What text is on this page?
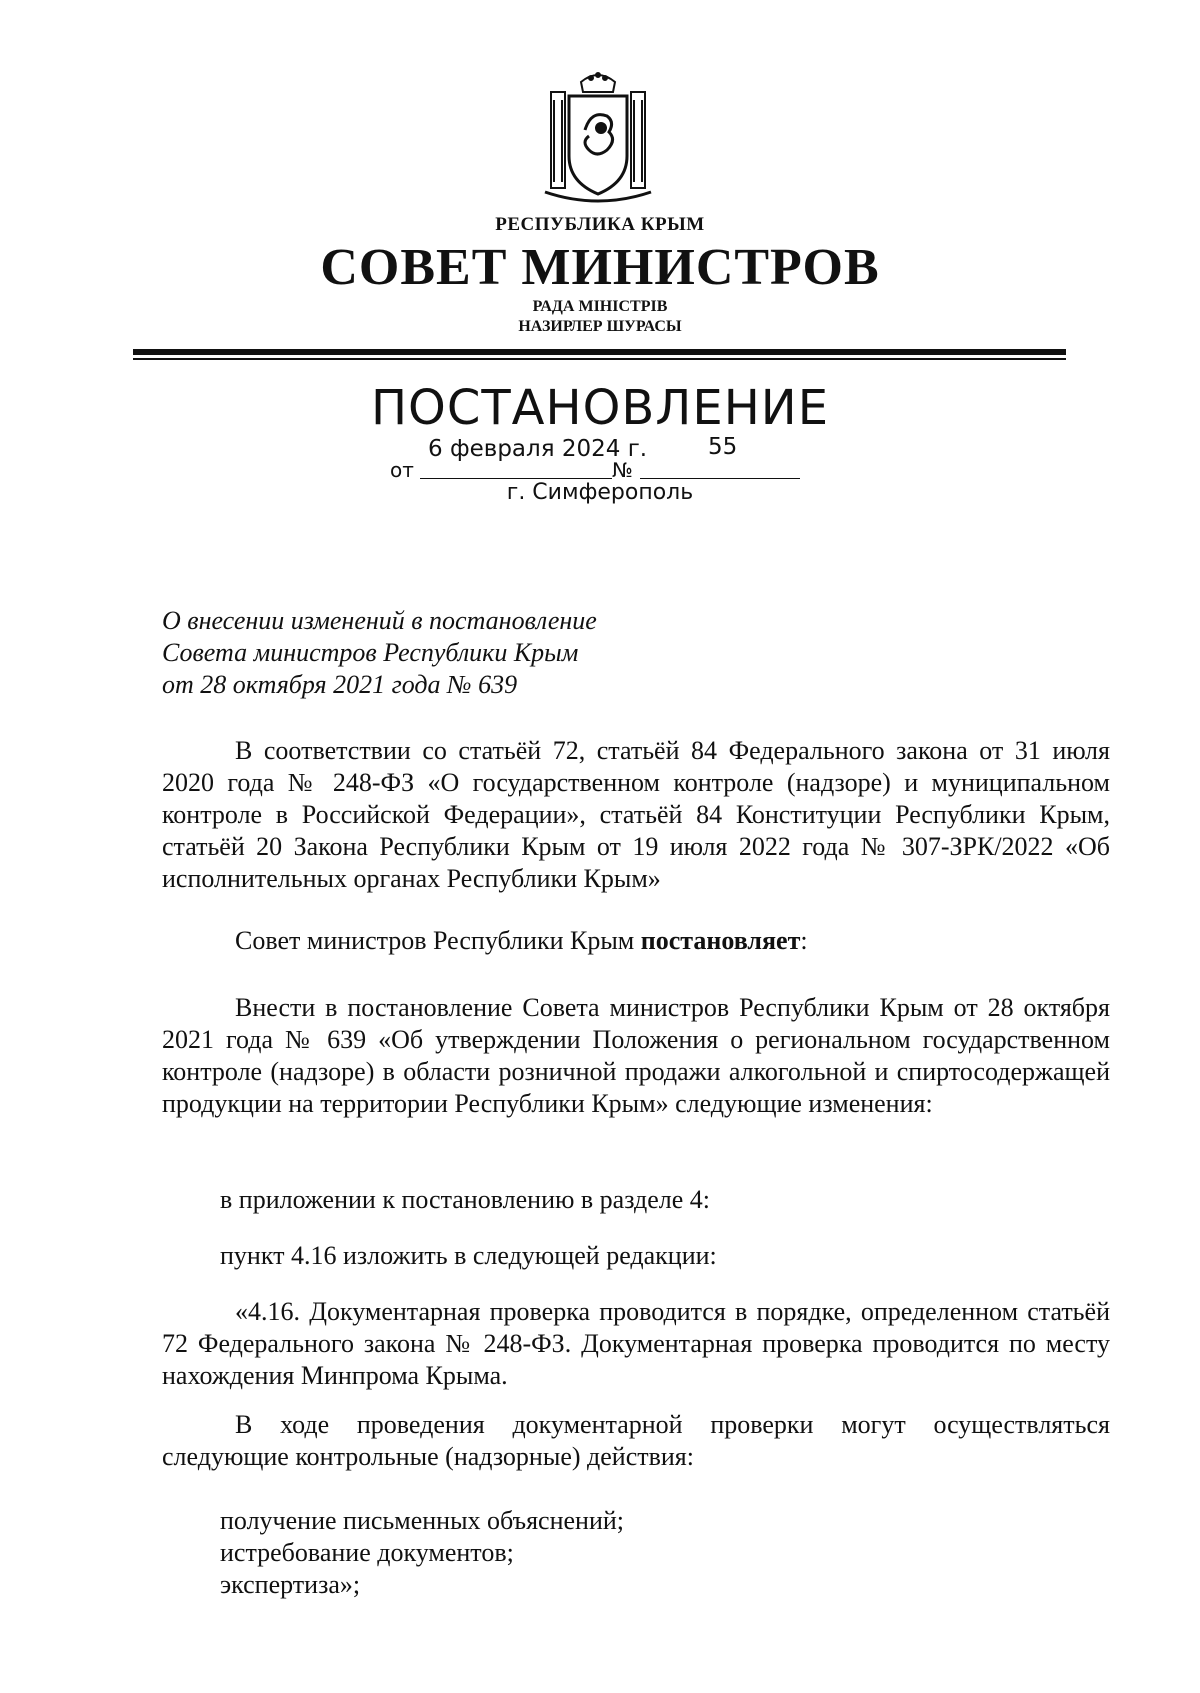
РЕСПУБЛИКА КРЫМ
СОВЕТ МИНИСТРОВ
РАДА МІНІСТРІВ
НАЗИРЛЕР ШУРАСЫ
ПОСТАНОВЛЕНИЕ
от
6 февраля 2024 г.
№
55
г. Симферополь
О внесении изменений в постановление
Совета министров Республики Крым
от 28 октября 2021 года № 639

В соответствии со статьёй 72, статьёй 84 Федерального закона от 31 июля 2020 года № 248-ФЗ «О государственном контроле (надзоре) и муниципальном контроле в Российской Федерации», статьёй 84 Конституции Республики Крым, статьёй 20 Закона Республики Крым от 19 июля 2022 года № 307-ЗРК/2022 «Об исполнительных органах Республики Крым»

Совет министров Республики Крым постановляет:

Внести в постановление Совета министров Республики Крым от 28 октября 2021 года № 639 «Об утверждении Положения о региональном государственном контроле (надзоре) в области розничной продажи алкогольной и спиртосодержащей продукции на территории Республики Крым» следующие изменения:

в приложении к постановлению в разделе 4:

пункт 4.16 изложить в следующей редакции:

«4.16. Документарная проверка проводится в порядке, определенном статьёй 72 Федерального закона № 248-ФЗ. Документарная проверка проводится по месту нахождения Минпрома Крыма.

В ходе проведения документарной проверки могут осуществляться следующие контрольные (надзорные) действия:

получение письменных объяснений;
истребование документов;
экспертиза»;
